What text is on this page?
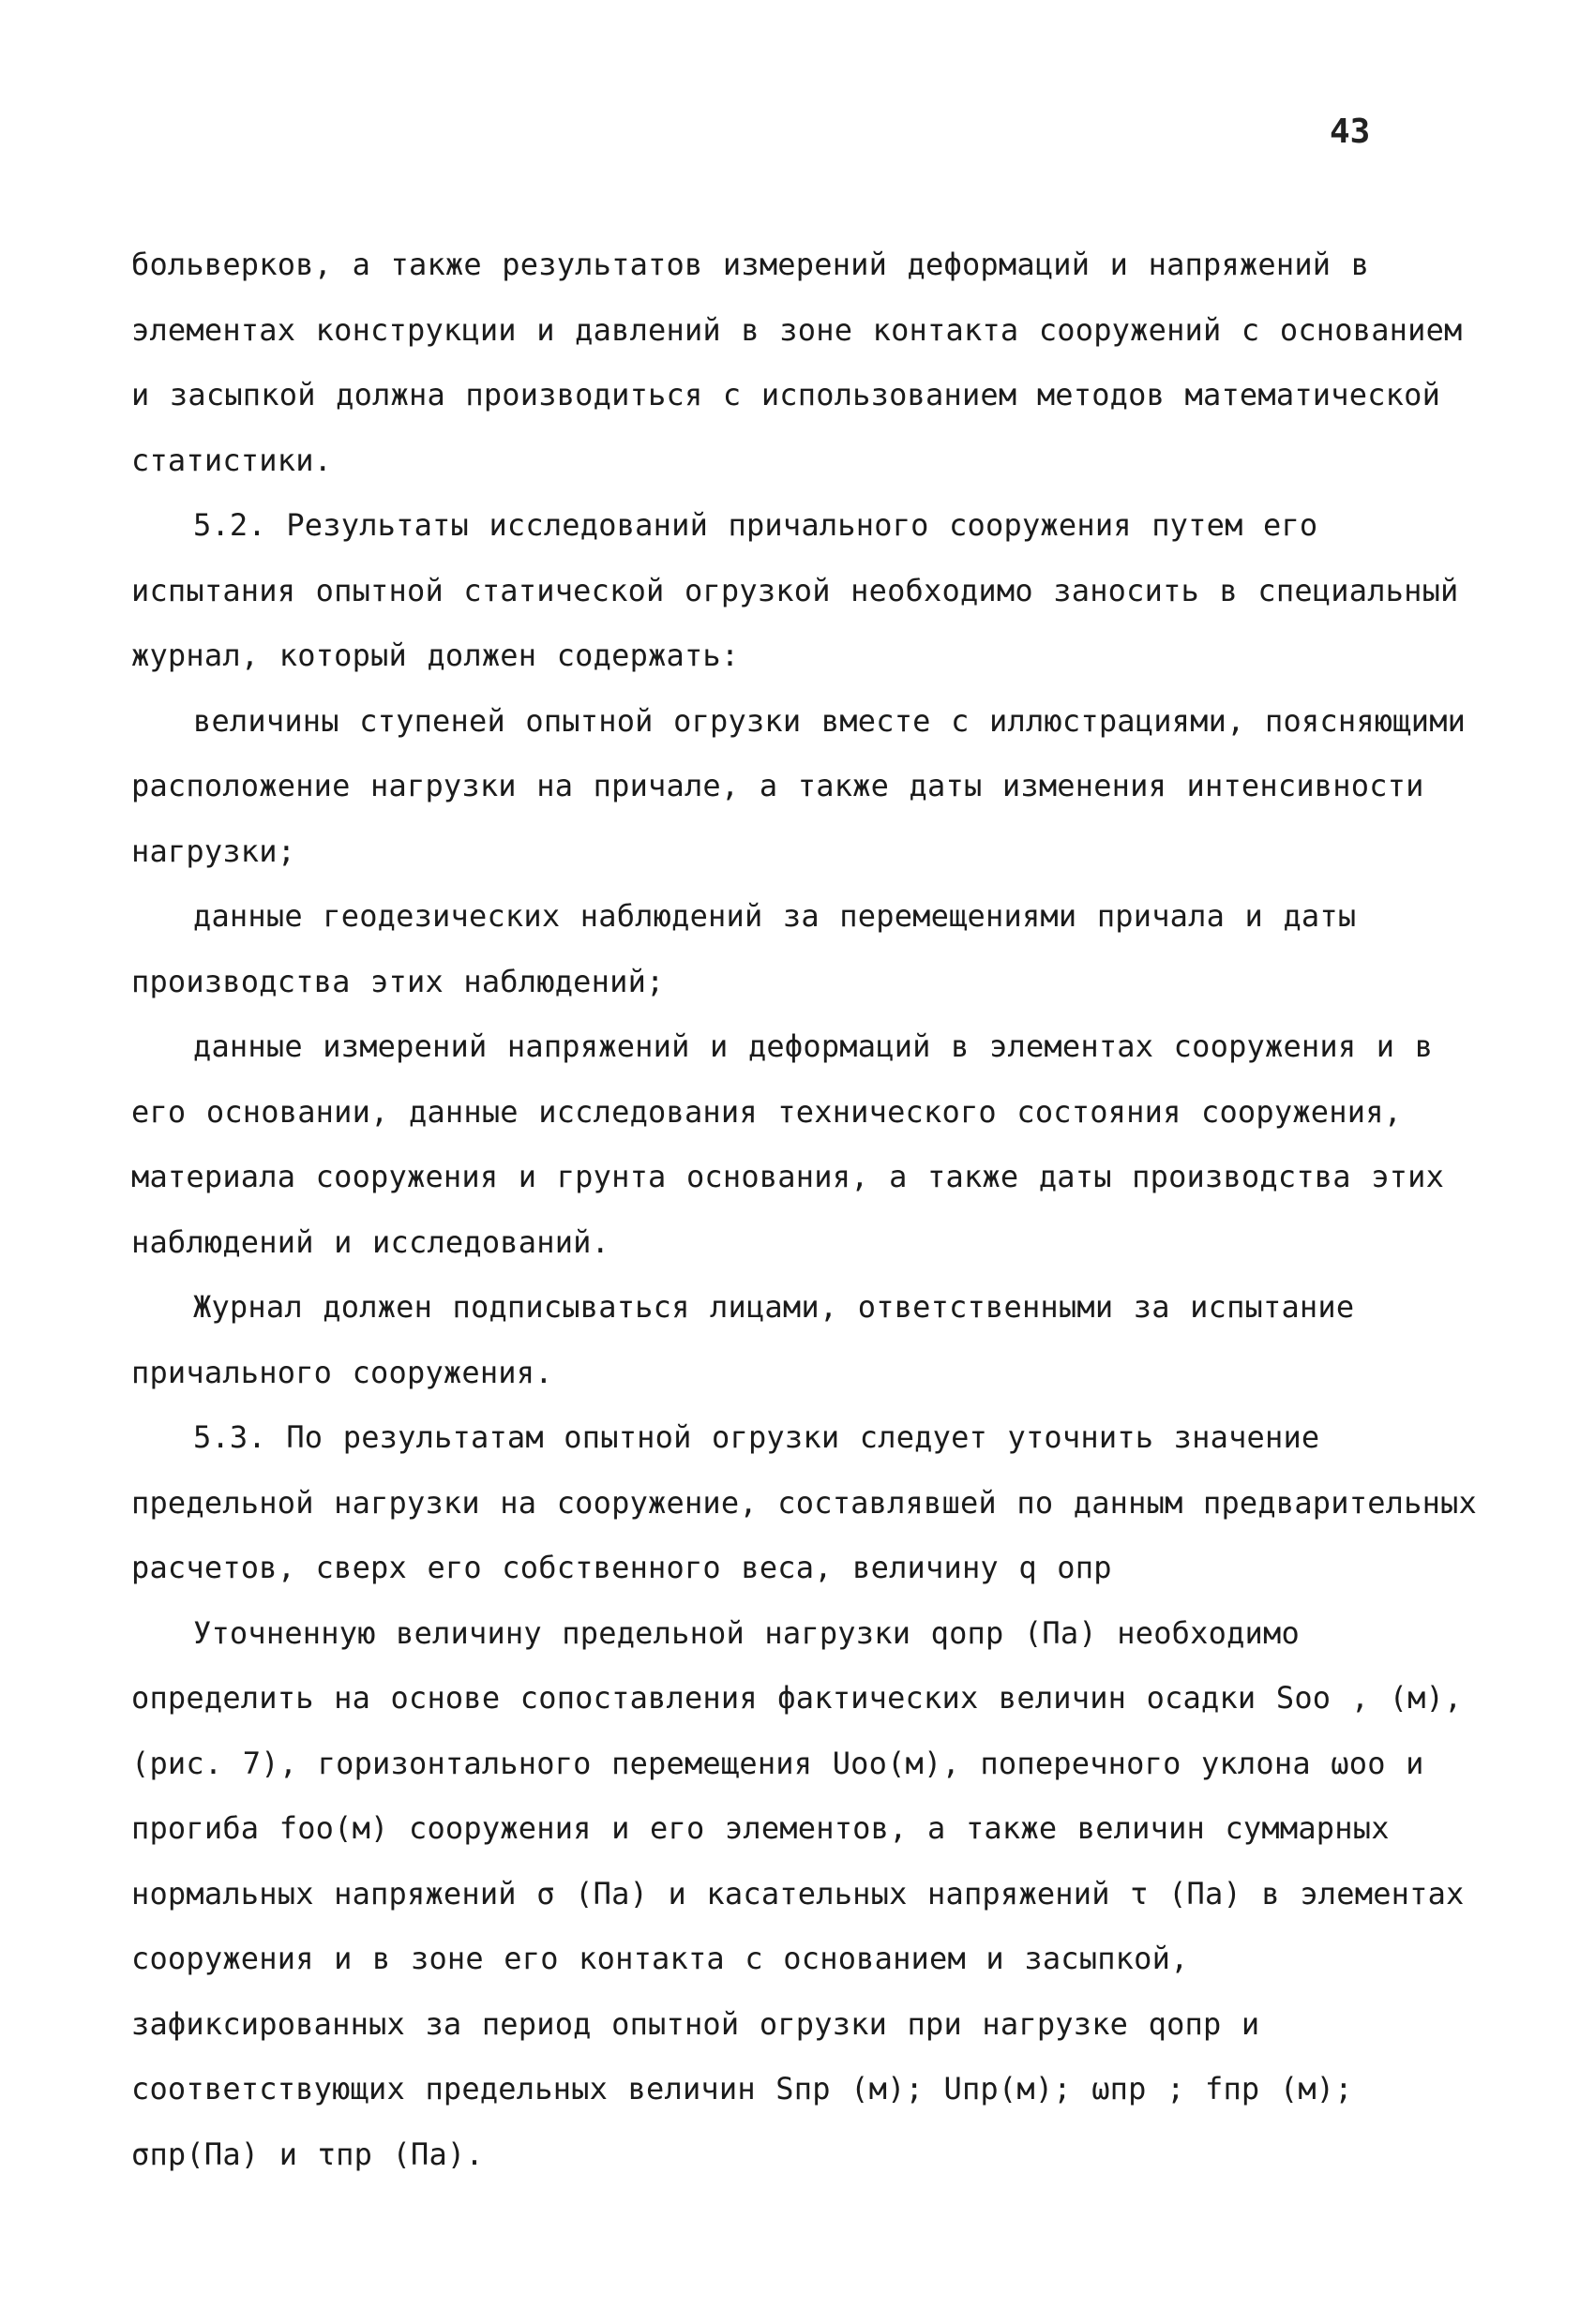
43

больверков, а также результатов измерений деформаций и напряжений в элементах конструкции и давлений в зоне контакта сооружений с основанием и засыпкой должна производиться с использованием методов математической статистики.

5.2. Результаты исследований причального сооружения путем его испытания опытной статической огрузкой необходимо заносить в специальный журнал, который должен содержать:

величины ступеней опытной огрузки вместе с иллюстрациями, поясняющими расположение нагрузки на причале, а также даты изменения интенсивности нагрузки;

данные геодезических наблюдений за перемещениями причала и даты производства этих наблюдений;

данные измерений напряжений и деформаций в элементах сооружения и в его основании, данные исследования технического состояния сооружения, материала сооружения и грунта основания, а также даты производства этих наблюдений и исследований.

Журнал должен подписываться лицами, ответственными за испытание причального сооружения.

5.3. По результатам опытной огрузки следует уточнить значение предельной нагрузки на сооружение, составлявшей по данным предварительных расчетов, сверх его собственного веса, величину q опр

Уточненную величину предельной нагрузки qопр (Па) необходимо определить на основе сопоставления фактических величин осадки Sоо , (м), (рис. 7), горизонтального перемещения Uоо(м), поперечного уклона ωоо и прогиба fоо(м) сооружения и его элементов, а также величин суммарных нормальных напряжений σ (Па) и касательных напряжений τ (Па) в элементах сооружения и в зоне его контакта с основанием и засыпкой, зафиксированных за период опытной огрузки при нагрузке qопр и соответствующих предельных величин Sпр (м); Uпр(м); ωпр ; fпр (м); σпр(Па) и τпр (Па).
